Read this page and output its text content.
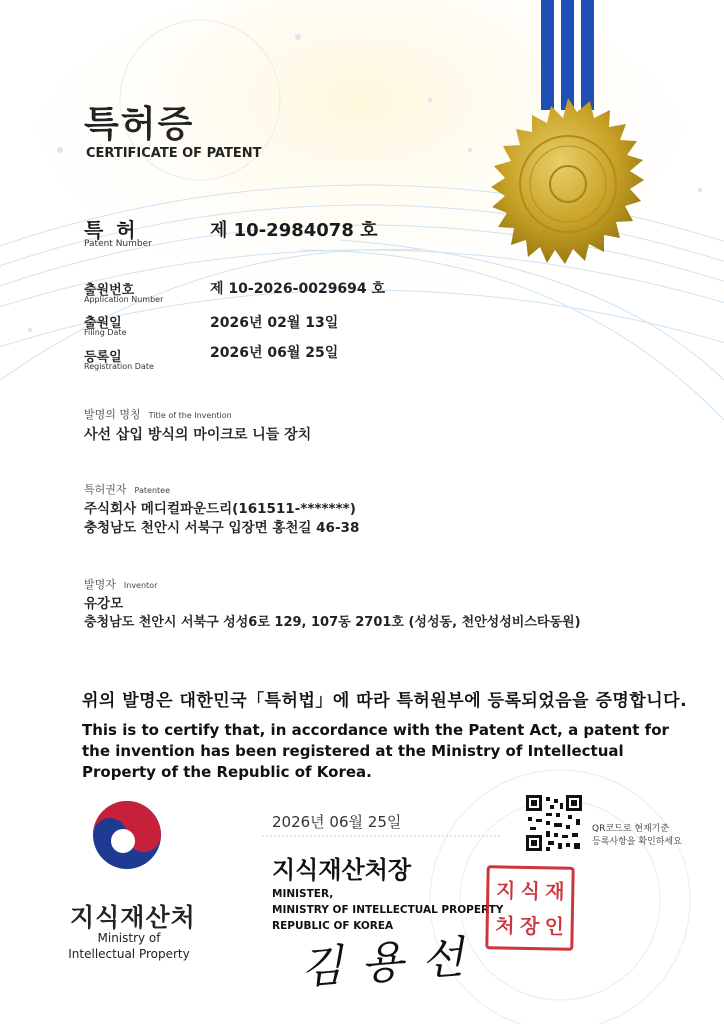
특허증
CERTIFICATE OF PATENT
특 허
Patent Number
제 10-2984078 호
출원번호
Application Number
제 10-2026-0029694 호
출원일
Filing Date
2026년 02월 13일
등록일
Registration Date
2026년 06월 25일
발명의 명칭 Title of the Invention
사선 삽입 방식의 마이크로 니들 장치
특허권자 Patentee
주식회사 메디컬파운드리(161511-*******)
충청남도 천안시 서북구 입장면 홍천길 46-38
발명자 Inventor
유강모
충청남도 천안시 서북구 성성6로 129, 107동 2701호 (성성동, 천안성성비스타동원)
위의 발명은 대한민국「특허법」에 따라 특허원부에 등록되었음을 증명합니다.
This is to certify that, in accordance with the Patent Act, a patent for the invention has been registered at the Ministry of Intellectual Property of the Republic of Korea.
2026년 06월 25일
지식재산처장
MINISTER,
MINISTRY OF INTELLECTUAL PROPERTY
REPUBLIC OF KOREA
김용선
지 식 재
처 장 인
QR코드로 현재기준
등록사항을 확인하세요
지식재산처
Ministry of Intellectual Property
